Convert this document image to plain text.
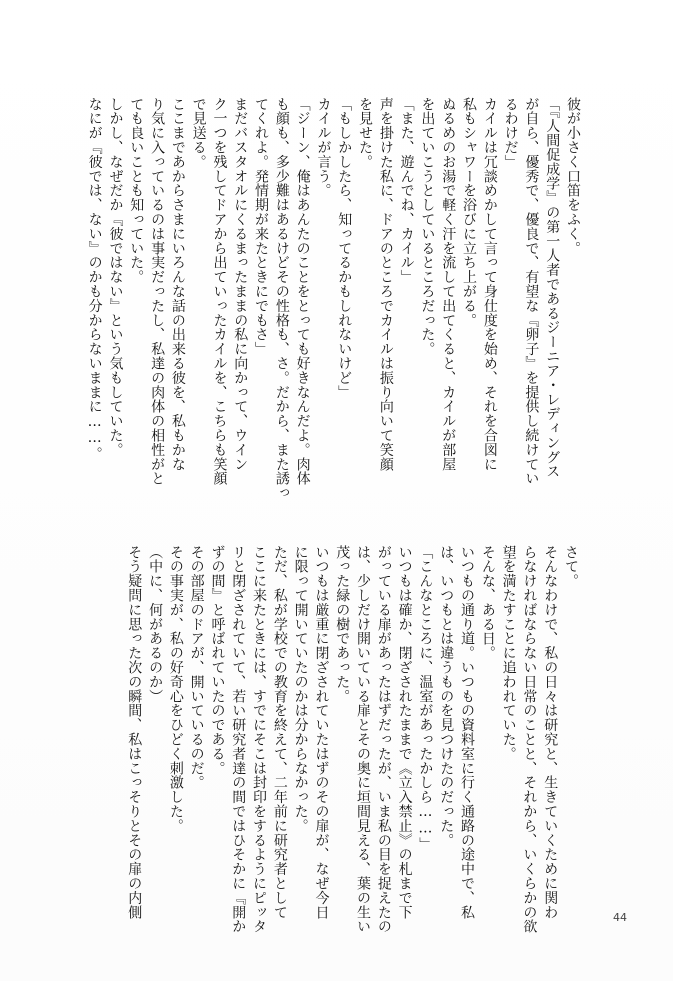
彼が小さく口笛をふく。
「『人間促成学』の第一人者であるジーニア・レディングス
が自ら、優秀で、優良で、有望な『卵子』を提供し続けてい
るわけだ」
カイルは冗談めかして言って身仕度を始め、それを合図に
私もシャワーを浴びに立ち上がる。
ぬるめのお湯で軽く汗を流して出てくると、カイルが部屋
を出ていこうとしているところだった。
「また、遊んでね、カイル」
声を掛けた私に、ドアのところでカイルは振り向いて笑顔
を見せた。
「もしかしたら、知ってるかもしれないけど」
カイルが言う。
「ジーン、俺はあんたのことをとっても好きなんだよ。肉体
も顔も、多少難はあるけどその性格も、さ。だから、また誘っ
てくれよ。発情期が来たときにでもさ」
まだバスタオルにくるまったままの私に向かって、ウイン
ク一つを残してドアから出ていったカイルを、こちらも笑顔
で見送る。
ここまであからさまにいろんな話の出来る彼を、私もかな
り気に入っているのは事実だったし、私達の肉体の相性がと
ても良いことも知っていた。
しかし、なぜだか『彼ではない』という気もしていた。
なにが『彼では、ない』のかも分からないままに……。
さて。
そんなわけで、私の日々は研究と、生きていくために関わ
らなければならない日常のことと、それから、いくらかの欲
望を満たすことに追われていた。
そんな、ある日。
いつもの通り道。いつもの資料室に行く通路の途中で、私
は、いつもとは違うものを見つけたのだった。
「こんなところに、温室があったかしら……」
いつもは確か、閉ざされたままで《立入禁止》の札まで下
がっている扉があったはずだったが、いま私の目を捉えたの
は、少しだけ開いている扉とその奥に垣間見える、葉の生い
茂った緑の樹であった。
いつもは厳重に閉ざされていたはずのその扉が、なぜ今日
に限って開いていたのかは分からなかった。
ただ、私が学校での教育を終えて、二年前に研究者として
ここに来たときには、すでにそこは封印をするようにピッタ
リと閉ざされていて、若い研究者達の間ではひそかに『開か
ずの間』と呼ばれていたのである。
その部屋のドアが、開いているのだ。
その事実が、私の好奇心をひどく刺激した。
（中に、何があるのか）
そう疑問に思った次の瞬間、私はこっそりとその扉の内側	44
